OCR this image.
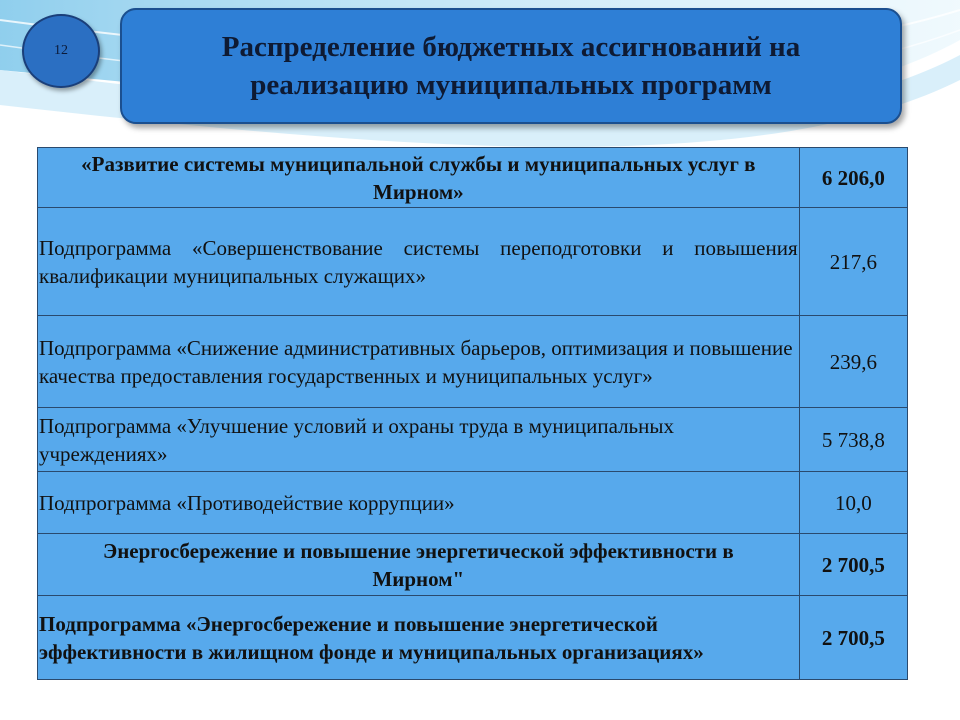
12	Распределение бюджетных ассигнований на реализацию муниципальных программ
«Развитие системы муниципальной службы и муниципальных услуг в Мирном»	6 206,0
Подпрограмма «Совершенствование системы переподготовки и повышения квалификации муниципальных служащих»	217,6
Подпрограмма «Снижение административных барьеров, оптимизация и повышение качества предоставления государственных и муниципальных услуг»	239,6
Подпрограмма «Улучшение условий и охраны труда в муниципальных учреждениях»	5 738,8
Подпрограмма «Противодействие коррупции»	10,0
Энергосбережение и повышение энергетической эффективности в Мирном"	2 700,5
Подпрограмма «Энергосбережение и повышение энергетической эффективности в жилищном фонде и муниципальных организациях»	2 700,5
